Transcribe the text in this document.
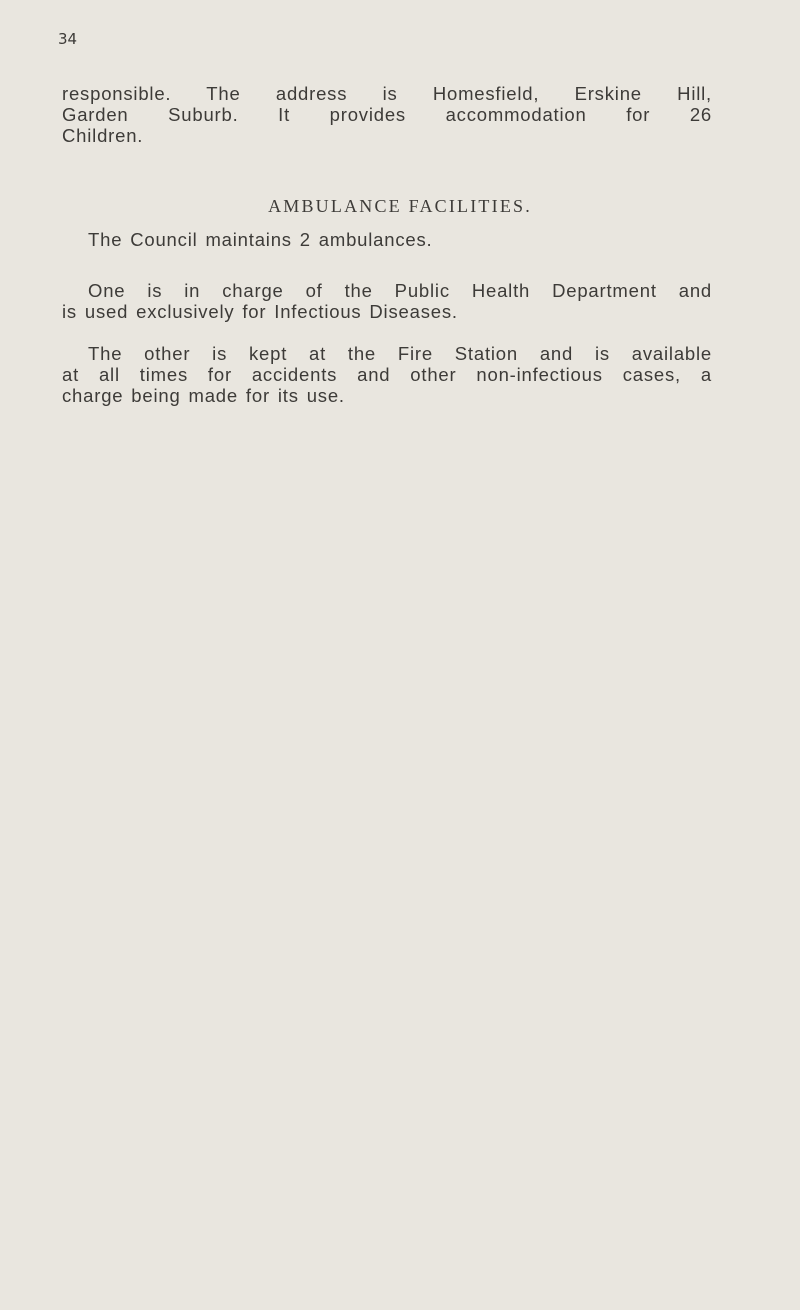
34
responsible. The address is Homesfield, Erskine Hill,
Garden Suburb. It provides accommodation for 26
Children.
AMBULANCE FACILITIES.
The Council maintains 2 ambulances.
One is in charge of the Public Health Department and
is used exclusively for Infectious Diseases.
The other is kept at the Fire Station and is available
at all times for accidents and other non-infectious cases, a
charge being made for its use.
